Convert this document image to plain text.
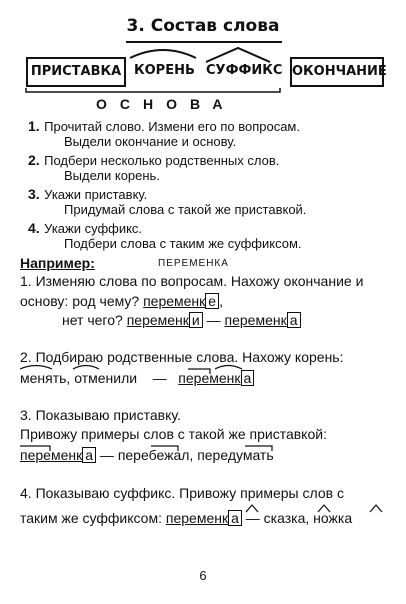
3. Состав слова
ПРИСТАВКА КОРЕНЬ СУФФИКС ОКОНЧАНИЕ
ОСНОВА
1. Прочитай слово. Измени его по вопросам.
Выдели окончание и основу.
2. Подбери несколько родственных слов.
Выдели корень.
3. Укажи приставку.
Придумай слова с такой же приставкой.
4. Укажи суффикс.
Подбери слова с таким же суффиксом.
Например:	ПЕРЕМЕНКА
1. Изменяю слова по вопросам. Нахожу окончание и
основу: род чему? переменк е ,
нет чего? переменк и — переменк а
2. Подбираю родственные слова. Нахожу корень:
менять, отменили — переменк а
3. Показываю приставку.
Привожу примеры слов с такой же приставкой:
переменк а — перебежал, передумать
4. Показываю суффикс. Привожу примеры слов с
таким же суффиксом: переменк а — сказка, ножка
6
